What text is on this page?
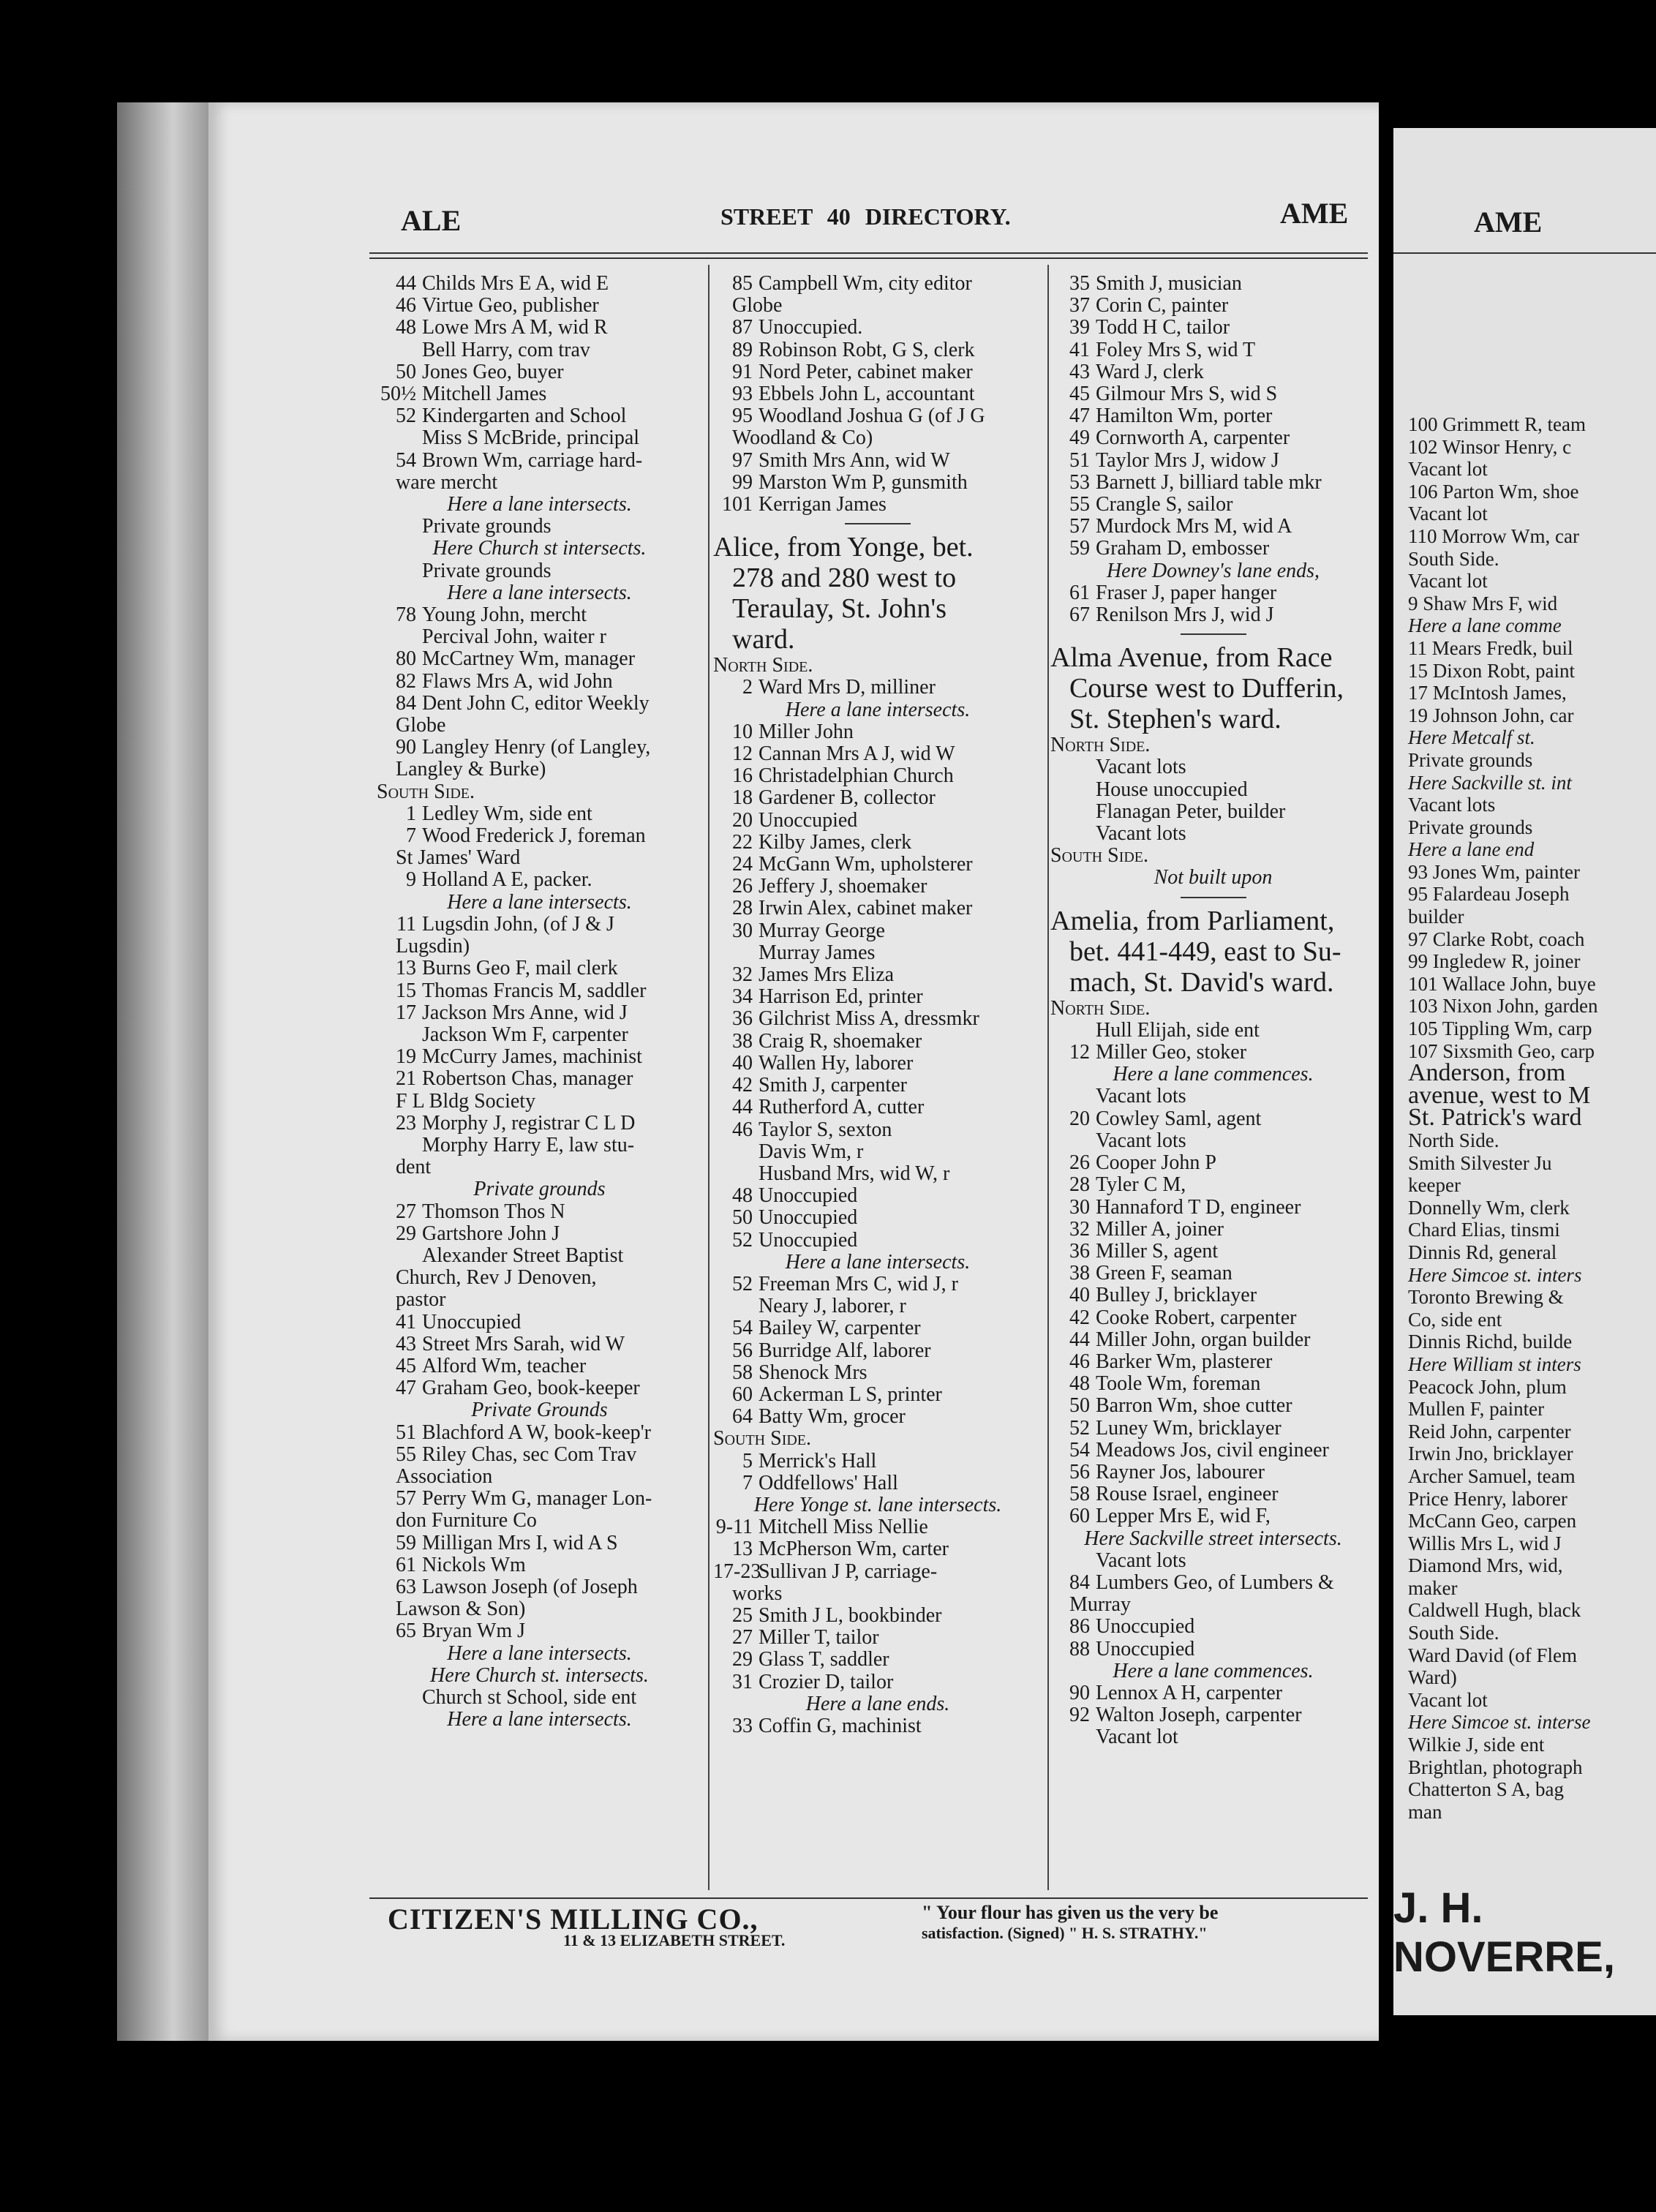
ALE	STREET 40 DIRECTORY.	AME
44 Childs Mrs E A, wid E
46 Virtue Geo, publisher
48 Lowe Mrs A M, wid R
Bell Harry, com trav
50 Jones Geo, buyer
50½ Mitchell James
52 Kindergarten and School
Miss S McBride, principal
54 Brown Wm, carriage hard-
ware mercht
Here a lane intersects.
Private grounds
Here Church st intersects.
Private grounds
Here a lane intersects.
78 Young John, mercht
Percival John, waiter r
80 McCartney Wm, manager
82 Flaws Mrs A, wid John
84 Dent John C, editor Weekly
Globe
90 Langley Henry (of Langley,
Langley & Burke)
South Side.
1 Ledley Wm, side ent
7 Wood Frederick J, foreman
St James' Ward
9 Holland A E, packer.
Here a lane intersects.
11 Lugsdin John, (of J & J
Lugsdin)
13 Burns Geo F, mail clerk
15 Thomas Francis M, saddler
17 Jackson Mrs Anne, wid J
Jackson Wm F, carpenter
19 McCurry James, machinist
21 Robertson Chas, manager
F L Bldg Society
23 Morphy J, registrar C L D
Morphy Harry E, law stu-
dent
Private grounds
27 Thomson Thos N
29 Gartshore John J
Alexander Street Baptist
Church, Rev J Denoven,
pastor
41 Unoccupied
43 Street Mrs Sarah, wid W
45 Alford Wm, teacher
47 Graham Geo, book-keeper
Private Grounds
51 Blachford A W, book-keep'r
55 Riley Chas, sec Com Trav
Association
57 Perry Wm G, manager Lon-
don Furniture Co
59 Milligan Mrs I, wid A S
61 Nickols Wm
63 Lawson Joseph (of Joseph
Lawson & Son)
65 Bryan Wm J
Here a lane intersects.
Here Church st. intersects.
Church st School, side ent
Here a lane intersects.
85 Campbell Wm, city editor
Globe
87 Unoccupied.
89 Robinson Robt, G S, clerk
91 Nord Peter, cabinet maker
93 Ebbels John L, accountant
95 Woodland Joshua G (of J G
Woodland & Co)
97 Smith Mrs Ann, wid W
99 Marston Wm P, gunsmith
101 Kerrigan James
Alice, from Yonge, bet.
278 and 280 west to
Teraulay, St. John's
ward.
North Side.
2 Ward Mrs D, milliner
Here a lane intersects.
10 Miller John
12 Cannan Mrs A J, wid W
16 Christadelphian Church
18 Gardener B, collector
20 Unoccupied
22 Kilby James, clerk
24 McGann Wm, upholsterer
26 Jeffery J, shoemaker
28 Irwin Alex, cabinet maker
30 Murray George
Murray James
32 James Mrs Eliza
34 Harrison Ed, printer
36 Gilchrist Miss A, dressmkr
38 Craig R, shoemaker
40 Wallen Hy, laborer
42 Smith J, carpenter
44 Rutherford A, cutter
46 Taylor S, sexton
Davis Wm, r
Husband Mrs, wid W, r
48 Unoccupied
50 Unoccupied
52 Unoccupied
Here a lane intersects.
52 Freeman Mrs C, wid J, r
Neary J, laborer, r
54 Bailey W, carpenter
56 Burridge Alf, laborer
58 Shenock Mrs
60 Ackerman L S, printer
64 Batty Wm, grocer
South Side.
5 Merrick's Hall
7 Oddfellows' Hall
Here Yonge st. lane intersects.
9-11 Mitchell Miss Nellie
13 McPherson Wm, carter
17-23Sullivan J P, carriage-
works
25 Smith J L, bookbinder
27 Miller T, tailor
29 Glass T, saddler
31 Crozier D, tailor
Here a lane ends.
33 Coffin G, machinist
35 Smith J, musician
37 Corin C, painter
39 Todd H C, tailor
41 Foley Mrs S, wid T
43 Ward J, clerk
45 Gilmour Mrs S, wid S
47 Hamilton Wm, porter
49 Cornworth A, carpenter
51 Taylor Mrs J, widow J
53 Barnett J, billiard table mkr
55 Crangle S, sailor
57 Murdock Mrs M, wid A
59 Graham D, embosser
Here Downey's lane ends,
61 Fraser J, paper hanger
67 Renilson Mrs J, wid J
Alma Avenue, from Race
Course west to Dufferin,
St. Stephen's ward.
North Side.
Vacant lots
House unoccupied
Flanagan Peter, builder
Vacant lots
South Side.
Not built upon
Amelia, from Parliament,
bet. 441-449, east to Su-
mach, St. David's ward.
North Side.
Hull Elijah, side ent
12 Miller Geo, stoker
Here a lane commences.
Vacant lots
20 Cowley Saml, agent
Vacant lots
26 Cooper John P
28 Tyler C M,
30 Hannaford T D, engineer
32 Miller A, joiner
36 Miller S, agent
38 Green F, seaman
40 Bulley J, bricklayer
42 Cooke Robert, carpenter
44 Miller John, organ builder
46 Barker Wm, plasterer
48 Toole Wm, foreman
50 Barron Wm, shoe cutter
52 Luney Wm, bricklayer
54 Meadows Jos, civil engineer
56 Rayner Jos, labourer
58 Rouse Israel, engineer
60 Lepper Mrs E, wid F,
Here Sackville street intersects.
Vacant lots
84 Lumbers Geo, of Lumbers &
Murray
86 Unoccupied
88 Unoccupied
Here a lane commences.
90 Lennox A H, carpenter
92 Walton Joseph, carpenter
Vacant lot
CITIZEN'S MILLING CO.,
11 & 13 ELIZABETH STREET.
" Your flour has given us the very be
satisfaction. (Signed) " H. S. STRATHY."
AME
100 Grimmett R, team
102 Winsor Henry, c
Vacant lot
106 Parton Wm, shoe
Vacant lot
110 Morrow Wm, car
South Side.
Vacant lot
9 Shaw Mrs F, wid
Here a lane comme
11 Mears Fredk, buil
15 Dixon Robt, paint
17 McIntosh James,
19 Johnson John, car
Here Metcalf st.
Private grounds
Here Sackville st. int
Vacant lots
Private grounds
Here a lane end
93 Jones Wm, painter
95 Falardeau Joseph
builder
97 Clarke Robt, coach
99 Ingledew R, joiner
101 Wallace John, buye
103 Nixon John, garden
105 Tippling Wm, carp
107 Sixsmith Geo, carp
Anderson, from
avenue, west to M
St. Patrick's ward
North Side.
Smith Silvester Ju
keeper
Donnelly Wm, clerk
Chard Elias, tinsmi
Dinnis Rd, general
Here Simcoe st. inters
Toronto Brewing &
Co, side ent
Dinnis Richd, builde
Here William st inters
Peacock John, plum
Mullen F, painter
Reid John, carpenter
Irwin Jno, bricklayer
Archer Samuel, team
Price Henry, laborer
McCann Geo, carpen
Willis Mrs L, wid J
Diamond Mrs, wid,
maker
Caldwell Hugh, black
South Side.
Ward David (of Flem
Ward)
Vacant lot
Here Simcoe st. interse
Wilkie J, side ent
Brightlan, photograph
Chatterton S A, bag
man
J. H. NOVERRE,
